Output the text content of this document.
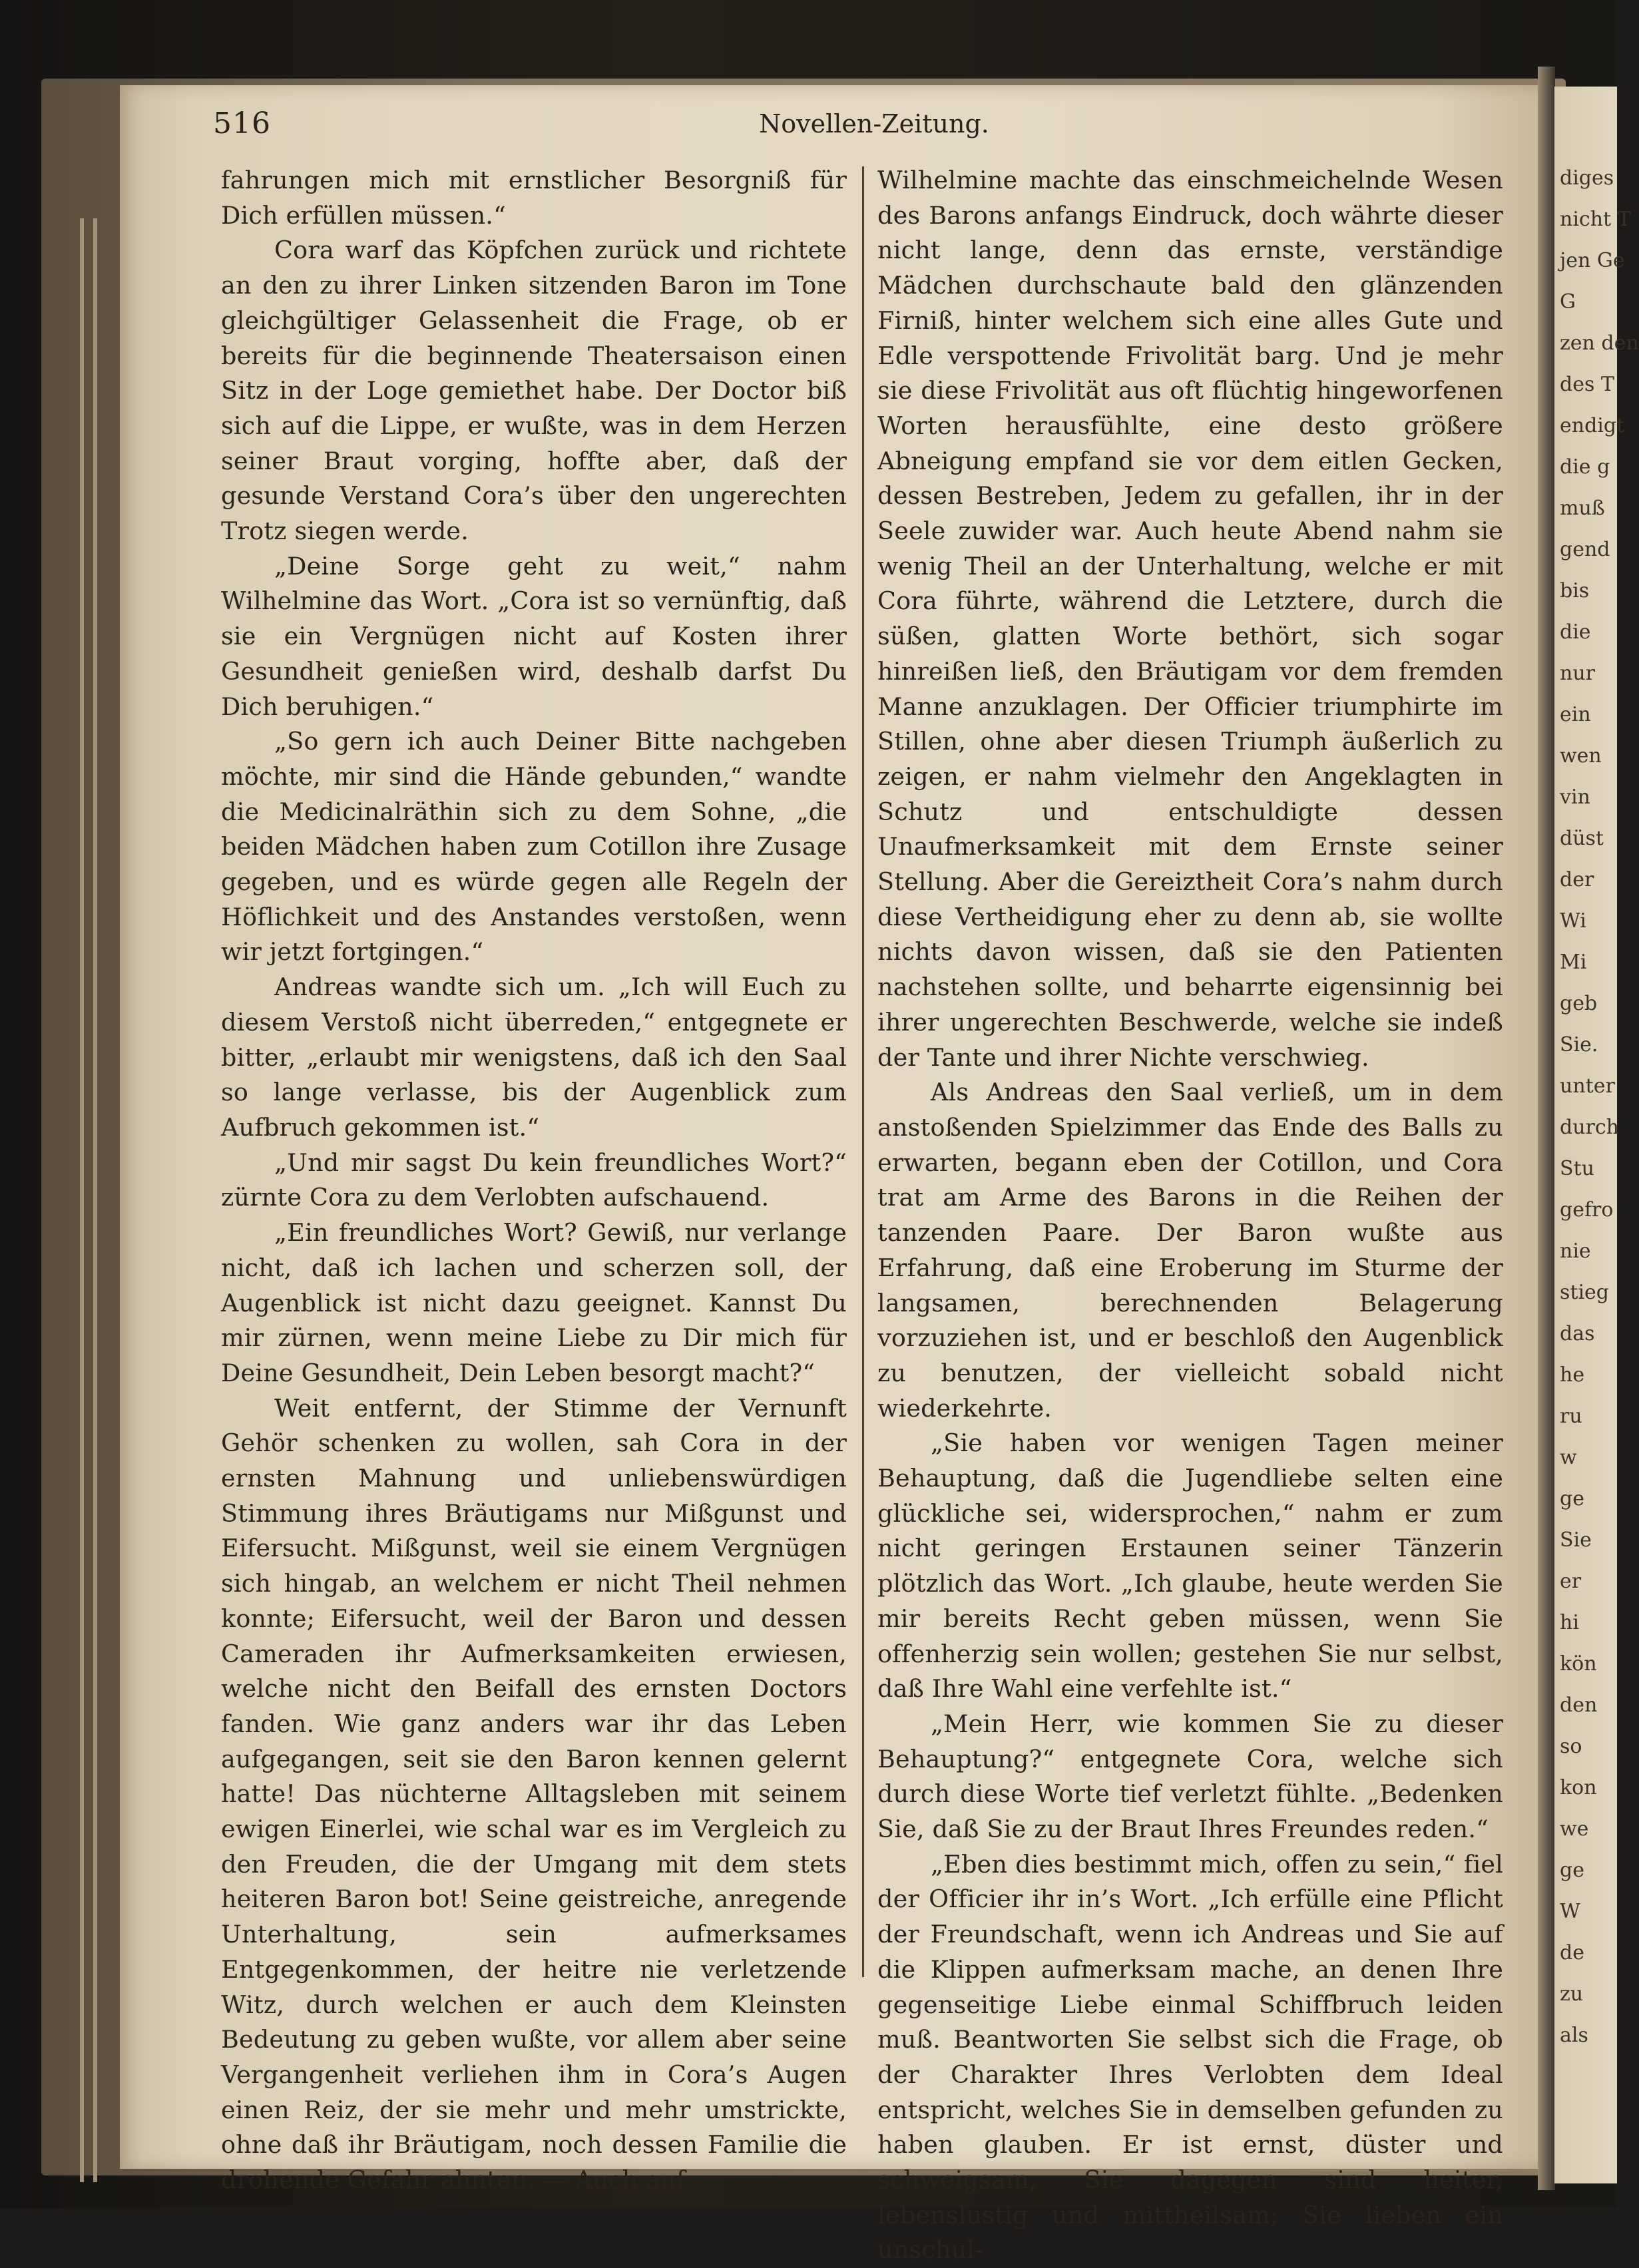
diges
nicht T
jen Ge
G
zen den
des T
endigt
die g
muß
gend
bis
die
nur
ein
wen
vin
düst
der
Wi
Mi
geb
Sie.
unter
durch
Stu
gefro
nie
stieg
das
he
ru
w
ge
Sie
er
hi
kön
den
so
kon
we
ge
W
de
zu
als
516	Novellen-Zeitung.

fahrungen mich mit ernstlicher Besorgniß für Dich erfüllen müssen.“

Cora warf das Köpfchen zurück und richtete an den zu ihrer Linken sitzenden Baron im Tone gleichgültiger Gelassenheit die Frage, ob er bereits für die beginnende Theatersaison einen Sitz in der Loge gemiethet habe. Der Doctor biß sich auf die Lippe, er wußte, was in dem Herzen seiner Braut vorging, hoffte aber, daß der gesunde Verstand Cora’s über den ungerechten Trotz siegen werde.

„Deine Sorge geht zu weit,“ nahm Wilhelmine das Wort. „Cora ist so vernünftig, daß sie ein Vergnügen nicht auf Kosten ihrer Gesundheit genießen wird, deshalb darfst Du Dich beruhigen.“

„So gern ich auch Deiner Bitte nachgeben möchte, mir sind die Hände gebunden,“ wandte die Medicinalräthin sich zu dem Sohne, „die beiden Mädchen haben zum Cotillon ihre Zusage gegeben, und es würde gegen alle Regeln der Höflichkeit und des Anstandes verstoßen, wenn wir jetzt fortgingen.“

Andreas wandte sich um. „Ich will Euch zu diesem Verstoß nicht überreden,“ entgegnete er bitter, „erlaubt mir wenigstens, daß ich den Saal so lange verlasse, bis der Augenblick zum Aufbruch gekommen ist.“

„Und mir sagst Du kein freundliches Wort?“ zürnte Cora zu dem Verlobten aufschauend.

„Ein freundliches Wort? Gewiß, nur verlange nicht, daß ich lachen und scherzen soll, der Augenblick ist nicht dazu geeignet. Kannst Du mir zürnen, wenn meine Liebe zu Dir mich für Deine Gesundheit, Dein Leben besorgt macht?“

Weit entfernt, der Stimme der Vernunft Gehör schenken zu wollen, sah Cora in der ernsten Mahnung und unliebenswürdigen Stimmung ihres Bräutigams nur Mißgunst und Eifersucht. Mißgunst, weil sie einem Vergnügen sich hingab, an welchem er nicht Theil nehmen konnte; Eifersucht, weil der Baron und dessen Cameraden ihr Aufmerksamkeiten erwiesen, welche nicht den Beifall des ernsten Doctors fanden. Wie ganz anders war ihr das Leben aufgegangen, seit sie den Baron kennen gelernt hatte! Das nüchterne Alltagsleben mit seinem ewigen Einerlei, wie schal war es im Vergleich zu den Freuden, die der Umgang mit dem stets heiteren Baron bot! Seine geistreiche, anregende Unterhaltung, sein aufmerksames Entgegenkommen, der heitre nie verletzende Witz, durch welchen er auch dem Kleinsten Bedeutung zu geben wußte, vor allem aber seine Vergangenheit verliehen ihm in Cora’s Augen einen Reiz, der sie mehr und mehr umstrickte, ohne daß ihr Bräutigam, noch dessen Familie die drohende Gefahr ahnten. — Auch auf

Wilhelmine machte das einschmeichelnde Wesen des Barons anfangs Eindruck, doch währte dieser nicht lange, denn das ernste, verständige Mädchen durchschaute bald den glänzenden Firniß, hinter welchem sich eine alles Gute und Edle verspottende Frivolität barg. Und je mehr sie diese Frivolität aus oft flüchtig hingeworfenen Worten herausfühlte, eine desto größere Abneigung empfand sie vor dem eitlen Gecken, dessen Bestreben, Jedem zu gefallen, ihr in der Seele zuwider war. Auch heute Abend nahm sie wenig Theil an der Unterhaltung, welche er mit Cora führte, während die Letztere, durch die süßen, glatten Worte bethört, sich sogar hinreißen ließ, den Bräutigam vor dem fremden Manne anzuklagen. Der Officier triumphirte im Stillen, ohne aber diesen Triumph äußerlich zu zeigen, er nahm vielmehr den Angeklagten in Schutz und entschuldigte dessen Unaufmerksamkeit mit dem Ernste seiner Stellung. Aber die Gereiztheit Cora’s nahm durch diese Vertheidigung eher zu denn ab, sie wollte nichts davon wissen, daß sie den Patienten nachstehen sollte, und beharrte eigensinnig bei ihrer ungerechten Beschwerde, welche sie indeß der Tante und ihrer Nichte verschwieg.

Als Andreas den Saal verließ, um in dem anstoßenden Spielzimmer das Ende des Balls zu erwarten, begann eben der Cotillon, und Cora trat am Arme des Barons in die Reihen der tanzenden Paare. Der Baron wußte aus Erfahrung, daß eine Eroberung im Sturme der langsamen, berechnenden Belagerung vorzuziehen ist, und er beschloß den Augenblick zu benutzen, der vielleicht sobald nicht wiederkehrte.

„Sie haben vor wenigen Tagen meiner Behauptung, daß die Jugendliebe selten eine glückliche sei, widersprochen,“ nahm er zum nicht geringen Erstaunen seiner Tänzerin plötzlich das Wort. „Ich glaube, heute werden Sie mir bereits Recht geben müssen, wenn Sie offenherzig sein wollen; gestehen Sie nur selbst, daß Ihre Wahl eine verfehlte ist.“

„Mein Herr, wie kommen Sie zu dieser Behauptung?“ entgegnete Cora, welche sich durch diese Worte tief verletzt fühlte. „Bedenken Sie, daß Sie zu der Braut Ihres Freundes reden.“

„Eben dies bestimmt mich, offen zu sein,“ fiel der Officier ihr in’s Wort. „Ich erfülle eine Pflicht der Freundschaft, wenn ich Andreas und Sie auf die Klippen aufmerksam mache, an denen Ihre gegenseitige Liebe einmal Schiffbruch leiden muß. Beantworten Sie selbst sich die Frage, ob der Charakter Ihres Verlobten dem Ideal entspricht, welches Sie in demselben gefunden zu haben glauben. Er ist ernst, düster und schweigsam, Sie dagegen sind heiter, lebenslustig und mittheilsam; Sie lieben ein unschul-
